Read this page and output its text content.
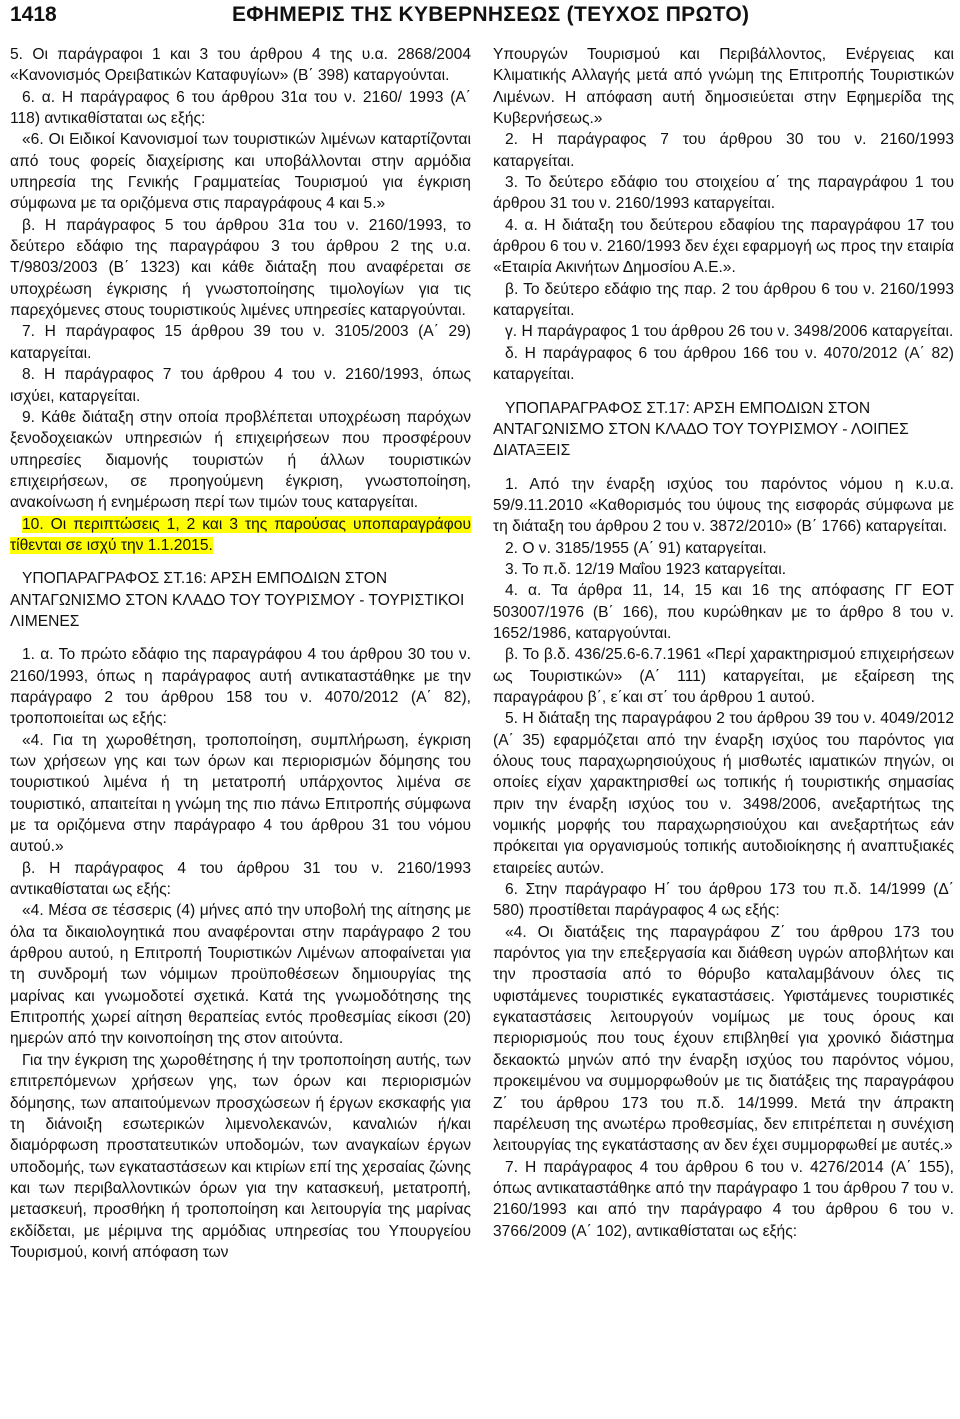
1418	ΕΦΗΜΕΡΙΣ ΤΗΣ ΚΥΒΕΡΝΗΣΕΩΣ (ΤΕΥΧΟΣ ΠΡΩΤΟ)

5. Οι παράγραφοι 1 και 3 του άρθρου 4 της υ.α. 2868/2004 «Κανονισμός Ορειβατικών Καταφυγίων» (Β΄ 398) καταργούνται.

6. α. Η παράγραφος 6 του άρθρου 31α του ν. 2160/ 1993 (Α΄ 118) αντικαθίσταται ως εξής:

«6. Οι Ειδικοί Κανονισμοί των τουριστικών λιμένων καταρτίζονται από τους φορείς διαχείρισης και υποβάλλονται στην αρμόδια υπηρεσία της Γενικής Γραμματείας Τουρισμού για έγκριση σύμφωνα με τα οριζόμενα στις παραγράφους 4 και 5.»

β. Η παράγραφος 5 του άρθρου 31α του ν. 2160/1993, το δεύτερο εδάφιο της παραγράφου 3 του άρθρου 2 της υ.α. Τ/9803/2003 (Β΄ 1323) και κάθε διάταξη που αναφέρεται σε υποχρέωση έγκρισης ή γνωστοποίησης τιμολογίων για τις παρεχόμενες στους τουριστικούς λιμένες υπηρεσίες καταργούνται.

7. Η παράγραφος 15 άρθρου 39 του ν. 3105/2003 (Α΄ 29) καταργείται.

8. Η παράγραφος 7 του άρθρου 4 του ν. 2160/1993, όπως ισχύει, καταργείται.

9. Κάθε διάταξη στην οποία προβλέπεται υποχρέωση παρόχων ξενοδοχειακών υπηρεσιών ή επιχειρήσεων που προσφέρουν υπηρεσίες διαμονής τουριστών ή άλλων τουριστικών επιχειρήσεων, σε προηγούμενη έγκριση, γνωστοποίηση, ανακοίνωση ή ενημέρωση περί των τιμών τους καταργείται.

10. Οι περιπτώσεις 1, 2 και 3 της παρούσας υποπαραγράφου τίθενται σε ισχύ την 1.1.2015.

ΥΠΟΠΑΡΑΓΡΑΦΟΣ ΣΤ.16: ΑΡΣΗ ΕΜΠΟΔΙΩΝ ΣΤΟΝ ΑΝΤΑΓΩΝΙΣΜΟ ΣΤΟΝ ΚΛΑΔΟ ΤΟΥ ΤΟΥΡΙΣΜΟΥ - ΤΟΥΡΙΣΤΙΚΟΙ ΛΙΜΕΝΕΣ

1. α. Το πρώτο εδάφιο της παραγράφου 4 του άρθρου 30 του ν. 2160/1993, όπως η παράγραφος αυτή αντικαταστάθηκε με την παράγραφο 2 του άρθρου 158 του ν. 4070/2012 (Α΄ 82), τροποποιείται ως εξής:

«4. Για τη χωροθέτηση, τροποποίηση, συμπλήρωση, έγκριση των χρήσεων γης και των όρων και περιορισμών δόμησης του τουριστικού λιμένα ή τη μετατροπή υπάρχοντος λιμένα σε τουριστικό, απαιτείται η γνώμη της πιο πάνω Επιτροπής σύμφωνα με τα οριζόμενα στην παράγραφο 4 του άρθρου 31 του νόμου αυτού.»

β. Η παράγραφος 4 του άρθρου 31 του ν. 2160/1993 αντικαθίσταται ως εξής:

«4. Μέσα σε τέσσερις (4) μήνες από την υποβολή της αίτησης με όλα τα δικαιολογητικά που αναφέρονται στην παράγραφο 2 του άρθρου αυτού, η Επιτροπή Τουριστικών Λιμένων αποφαίνεται για τη συνδρομή των νόμιμων προϋποθέσεων δημιουργίας της μαρίνας και γνωμοδοτεί σχετικά. Κατά της γνωμοδότησης της Επιτροπής χωρεί αίτηση θεραπείας εντός προθεσμίας είκοσι (20) ημερών από την κοινοποίηση της στον αιτούντα.

Για την έγκριση της χωροθέτησης ή την τροποποίηση αυτής, των επιτρεπόμενων χρήσεων γης, των όρων και περιορισμών δόμησης, των απαιτούμενων προσχώσεων ή έργων εκσκαφής για τη διάνοιξη εσωτερικών λιμενολεκανών, καναλιών ή/και διαμόρφωση προστατευτικών υποδομών, των αναγκαίων έργων υποδομής, των εγκαταστάσεων και κτιρίων επί της χερσαίας ζώνης και των περιβαλλοντικών όρων για την κατασκευή, μετατροπή, μετασκευή, προσθήκη ή τροποποίηση και λειτουργία της μαρίνας εκδίδεται, με μέριμνα της αρμόδιας υπηρεσίας του Υπουργείου Τουρισμού, κοινή απόφαση των

Υπουργών Τουρισμού και Περιβάλλοντος, Ενέργειας και Κλιματικής Αλλαγής μετά από γνώμη της Επιτροπής Τουριστικών Λιμένων. Η απόφαση αυτή δημοσιεύεται στην Εφημερίδα της Κυβερνήσεως.»

2. Η παράγραφος 7 του άρθρου 30 του ν. 2160/1993 καταργείται.

3. Το δεύτερο εδάφιο του στοιχείου α΄ της παραγράφου 1 του άρθρου 31 του ν. 2160/1993 καταργείται.

4. α. Η διάταξη του δεύτερου εδαφίου της παραγράφου 17 του άρθρου 6 του ν. 2160/1993 δεν έχει εφαρμογή ως προς την εταιρία «Εταιρία Ακινήτων Δημοσίου Α.Ε.».

β. Το δεύτερο εδάφιο της παρ. 2 του άρθρου 6 του ν. 2160/1993 καταργείται.

γ. Η παράγραφος 1 του άρθρου 26 του ν. 3498/2006 καταργείται.

δ. Η παράγραφος 6 του άρθρου 166 του ν. 4070/2012 (Α΄ 82) καταργείται.

ΥΠΟΠΑΡΑΓΡΑΦΟΣ ΣΤ.17: ΑΡΣΗ ΕΜΠΟΔΙΩΝ ΣΤΟΝ ΑΝΤΑΓΩΝΙΣΜΟ ΣΤΟΝ ΚΛΑΔΟ ΤΟΥ ΤΟΥΡΙΣΜΟΥ - ΛΟΙΠΕΣ ΔΙΑΤΑΞΕΙΣ

1. Από την έναρξη ισχύος του παρόντος νόμου η κ.υ.α. 59/9.11.2010 «Καθορισμός του ύψους της εισφοράς σύμφωνα με τη διάταξη του άρθρου 2 του ν. 3872/2010» (Β΄ 1766) καταργείται.

2. Ο ν. 3185/1955 (Α΄ 91) καταργείται.

3. Το π.δ. 12/19 Μαΐου 1923 καταργείται.

4. α. Τα άρθρα 11, 14, 15 και 16 της απόφασης ΓΓ ΕΟΤ 503007/1976 (Β΄ 166), που κυρώθηκαν με το άρθρο 8 του ν. 1652/1986, καταργούνται.

β. Το β.δ. 436/25.6-6.7.1961 «Περί χαρακτηρισμού επιχειρήσεων ως Τουριστικών» (Α΄ 111) καταργείται, με εξαίρεση της παραγράφου β΄, ε΄και στ΄ του άρθρου 1 αυτού.

5. Η διάταξη της παραγράφου 2 του άρθρου 39 του ν. 4049/2012 (Α΄ 35) εφαρμόζεται από την έναρξη ισχύος του παρόντος για όλους τους παραχωρησιούχους ή μισθωτές ιαματικών πηγών, οι οποίες είχαν χαρακτηρισθεί ως τοπικής ή τουριστικής σημασίας πριν την έναρξη ισχύος του ν. 3498/2006, ανεξαρτήτως της νομικής μορφής του παραχωρησιούχου και ανεξαρτήτως εάν πρόκειται για οργανισμούς τοπικής αυτοδιοίκησης ή αναπτυξιακές εταιρείες αυτών.

6. Στην παράγραφο Η΄ του άρθρου 173 του π.δ. 14/1999 (Δ΄ 580) προστίθεται παράγραφος 4 ως εξής:

«4. Οι διατάξεις της παραγράφου Ζ΄ του άρθρου 173 του παρόντος για την επεξεργασία και διάθεση υγρών αποβλήτων και την προστασία από το θόρυβο καταλαμβάνουν όλες τις υφιστάμενες τουριστικές εγκαταστάσεις. Υφιστάμενες τουριστικές εγκαταστάσεις λειτουργούν νομίμως με τους όρους και περιορισμούς που τους έχουν επιβληθεί για χρονικό διάστημα δεκαοκτώ μηνών από την έναρξη ισχύος του παρόντος νόμου, προκειμένου να συμμορφωθούν με τις διατάξεις της παραγράφου Ζ΄ του άρθρου 173 του π.δ. 14/1999. Μετά την άπρακτη παρέλευση της ανωτέρω προθεσμίας, δεν επιτρέπεται η συνέχιση λειτουργίας της εγκατάστασης αν δεν έχει συμμορφωθεί με αυτές.»

7. Η παράγραφος 4 του άρθρου 6 του ν. 4276/2014 (Α΄ 155), όπως αντικαταστάθηκε από την παράγραφο 1 του άρθρου 7 του ν. 2160/1993 και από την παράγραφο 4 του άρθρου 6 του ν. 3766/2009 (Α΄ 102), αντικαθίσταται ως εξής:
